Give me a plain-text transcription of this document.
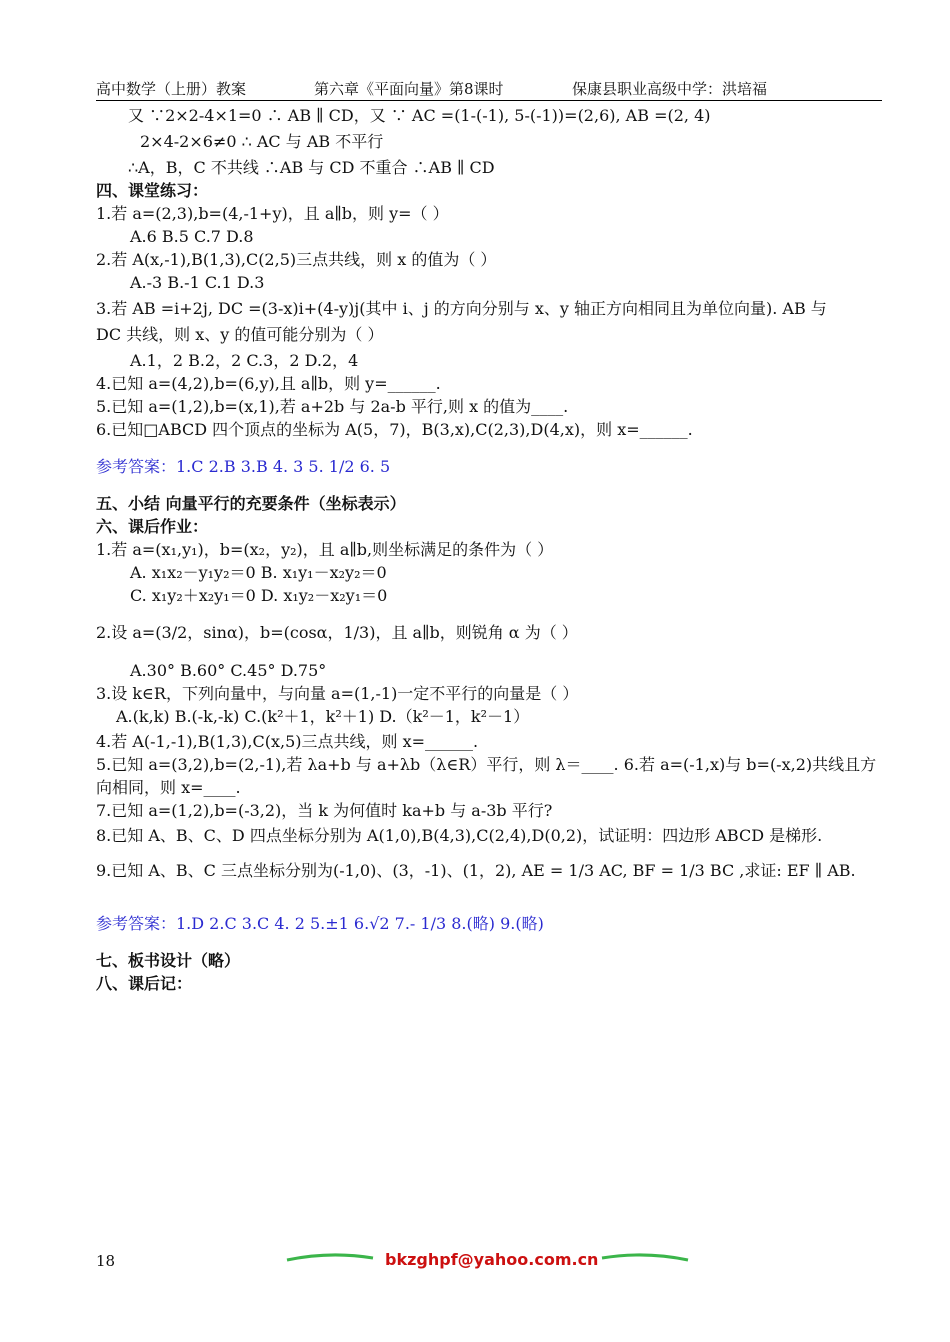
高中数学（上册）教案	第六章《平面向量》第8课时	保康县职业高级中学：洪培福
又 ∵2×2-4×1=0 ∴ AB ∥ CD，又 ∵ AC =(1-(-1), 5-(-1))=(2,6), AB =(2, 4)
2×4-2×6≠0 ∴ AC 与 AB 不平行
∴A，B，C 不共线 ∴AB 与 CD 不重合 ∴AB ∥ CD
四、课堂练习：
1.若 a=(2,3),b=(4,-1+y)，且 a∥b，则 y=（ ）
A.6 B.5 C.7 D.8
2.若 A(x,-1),B(1,3),C(2,5)三点共线，则 x 的值为（ ）
A.-3 B.-1 C.1 D.3
3.若 AB =i+2j, DC =(3-x)i+(4-y)j(其中 i、j 的方向分别与 x、y 轴正方向相同且为单位向量). AB 与
DC 共线，则 x、y 的值可能分别为（ ）
A.1，2 B.2，2 C.3，2 D.2，4
4.已知 a=(4,2),b=(6,y),且 a∥b，则 y=______.
5.已知 a=(1,2),b=(x,1),若 a+2b 与 2a-b 平行,则 x 的值为____.
6.已知□ABCD 四个顶点的坐标为 A(5，7)，B(3,x),C(2,3),D(4,x)，则 x=______.
参考答案：1.C 2.B 3.B 4. 3 5. 1/2 6. 5
五、小结 向量平行的充要条件（坐标表示）
六、课后作业：
1.若 a=(x₁,y₁)，b=(x₂，y₂)，且 a∥b,则坐标满足的条件为（ ）
A. x₁x₂－y₁y₂＝0 B. x₁y₁－x₂y₂＝0
C. x₁y₂＋x₂y₁＝0 D. x₁y₂－x₂y₁＝0
2.设 a=(3/2，sinα)，b=(cosα，1/3)，且 a∥b，则锐角 α 为（ ）
A.30° B.60° C.45° D.75°
3.设 k∈R，下列向量中，与向量 a=(1,-1)一定不平行的向量是（ ）
A.(k,k) B.(-k,-k) C.(k²＋1，k²＋1) D.（k²－1，k²－1）
4.若 A(-1,-1),B(1,3),C(x,5)三点共线，则 x=______.
5.已知 a=(3,2),b=(2,-1),若 λa+b 与 a+λb（λ∈R）平行，则 λ＝____. 6.若 a=(-1,x)与 b=(-x,2)共线且方
向相同，则 x=____.
7.已知 a=(1,2),b=(-3,2)，当 k 为何值时 ka+b 与 a-3b 平行?
8.已知 A、B、C、D 四点坐标分别为 A(1,0),B(4,3),C(2,4),D(0,2)，试证明：四边形 ABCD 是梯形.
9.已知 A、B、C 三点坐标分别为(-1,0)、(3，-1)、(1，2), AE = 1/3 AC, BF = 1/3 BC ,求证: EF ∥ AB.
参考答案：1.D 2.C 3.C 4. 2 5.±1 6.√2 7.- 1/3 8.(略) 9.(略)
七、板书设计（略）
八、课后记：
18	bkzghpf@yahoo.com.cn
